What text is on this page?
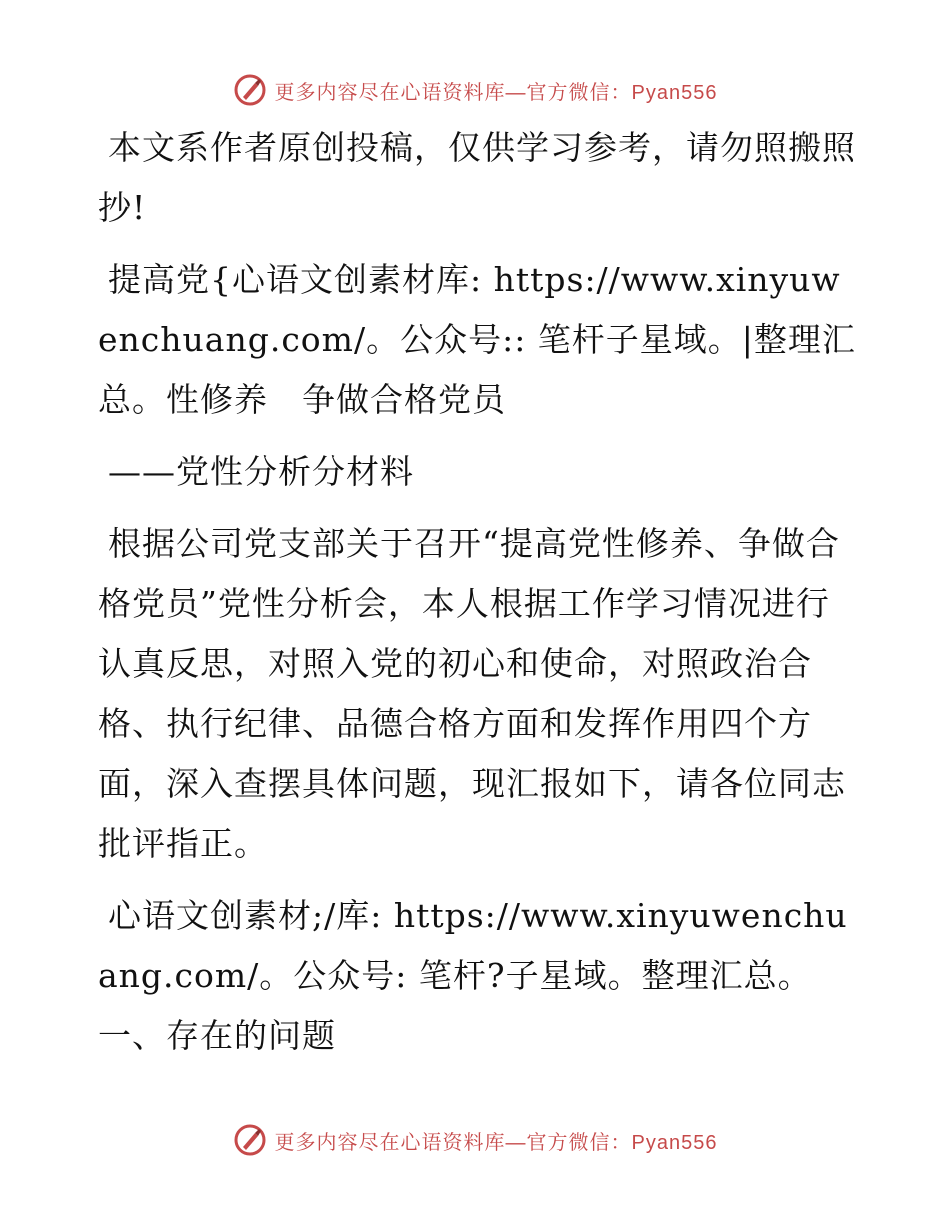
更多内容尽在心语资料库—官方微信：Pyan556

本文系作者原创投稿，仅供学习参考，请勿照搬照抄!

提高党{心语文创素材库: https://www.xinyuwenchuang.com/。公众号:: 笔杆子星域。|整理汇总。性修养　争做合格党员

——党性分析分材料

根据公司党支部关于召开“提高党性修养、争做合格党员”党性分析会，本人根据工作学习情况进行认真反思，对照入党的初心和使命，对照政治合格、执行纪律、品德合格方面和发挥作用四个方面，深入查摆具体问题，现汇报如下，请各位同志批评指正。

心语文创素材;/库: https://www.xinyuwenchuang.com/。公众号: 笔杆?子星域。整理汇总。一、存在的问题

更多内容尽在心语资料库—官方微信：Pyan556
